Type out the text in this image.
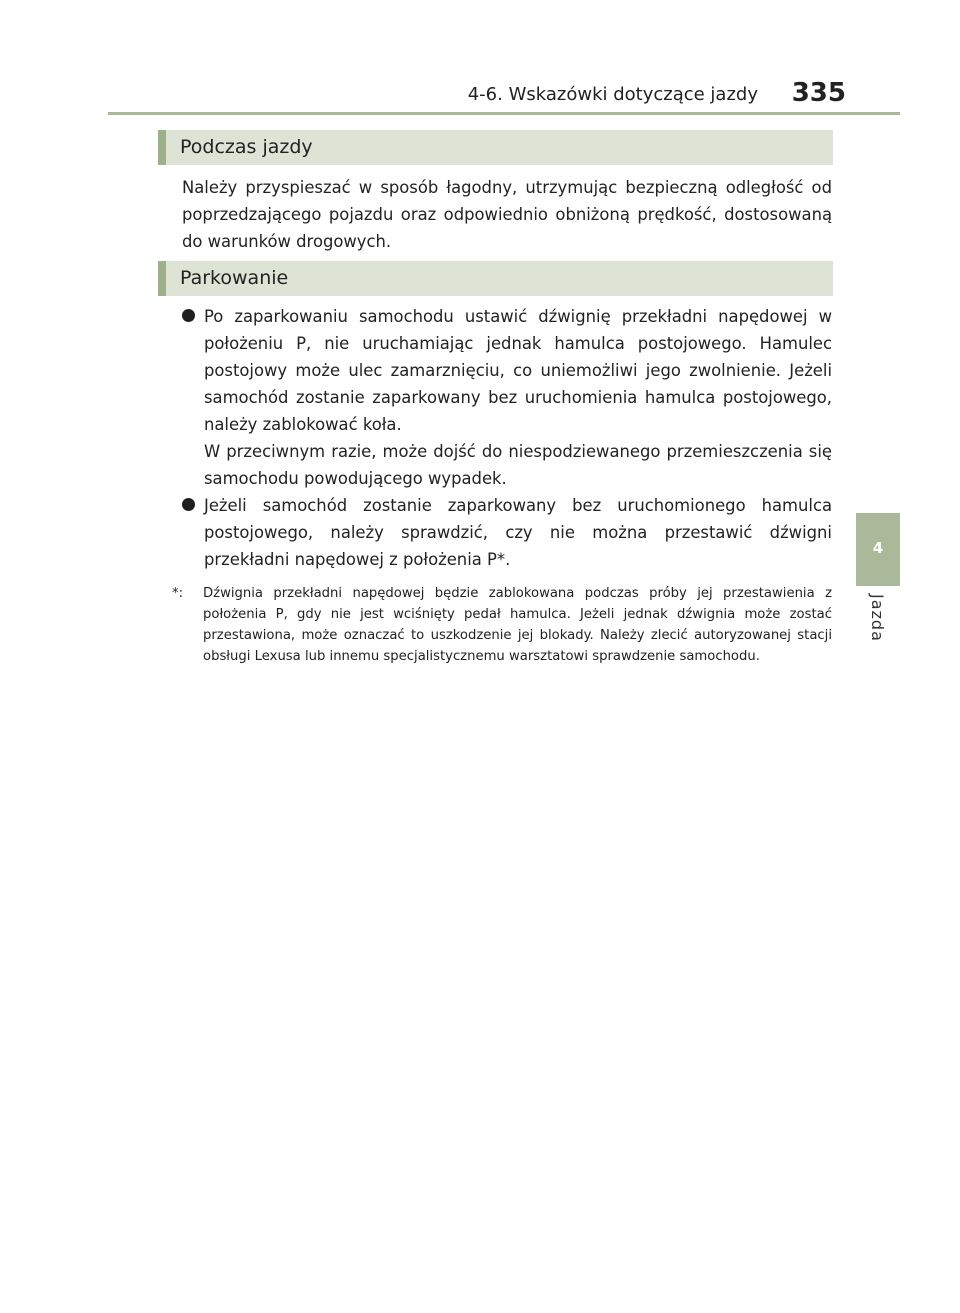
4-6. Wskazówki dotyczące jazdy 335
4
Jazda
Podczas jazdy
Należy przyspieszać w sposób łagodny, utrzymując bezpieczną odległość od poprzedzającego pojazdu oraz odpowiednio obniżoną prędkość, dostosowaną do warunków drogowych.
Parkowanie
Po zaparkowaniu samochodu ustawić dźwignię przekładni napędowej w położeniu P, nie uruchamiając jednak hamulca postojowego. Hamulec postojowy może ulec zamarznięciu, co uniemożliwi jego zwolnienie. Jeżeli samochód zostanie zaparkowany bez uruchomienia hamulca postojowego, należy zablokować koła.
W przeciwnym razie, może dojść do niespodziewanego przemieszczenia się samochodu powodującego wypadek.
Jeżeli samochód zostanie zaparkowany bez uruchomionego hamulca postojowego, należy sprawdzić, czy nie można przestawić dźwigni przekładni napędowej z położenia P*.
*: Dźwignia przekładni napędowej będzie zablokowana podczas próby jej przestawienia z położenia P, gdy nie jest wciśnięty pedał hamulca. Jeżeli jednak dźwignia może zostać przestawiona, może oznaczać to uszkodzenie jej blokady. Należy zlecić autoryzowanej stacji obsługi Lexusa lub innemu specjalistycznemu warsztatowi sprawdzenie samochodu.
